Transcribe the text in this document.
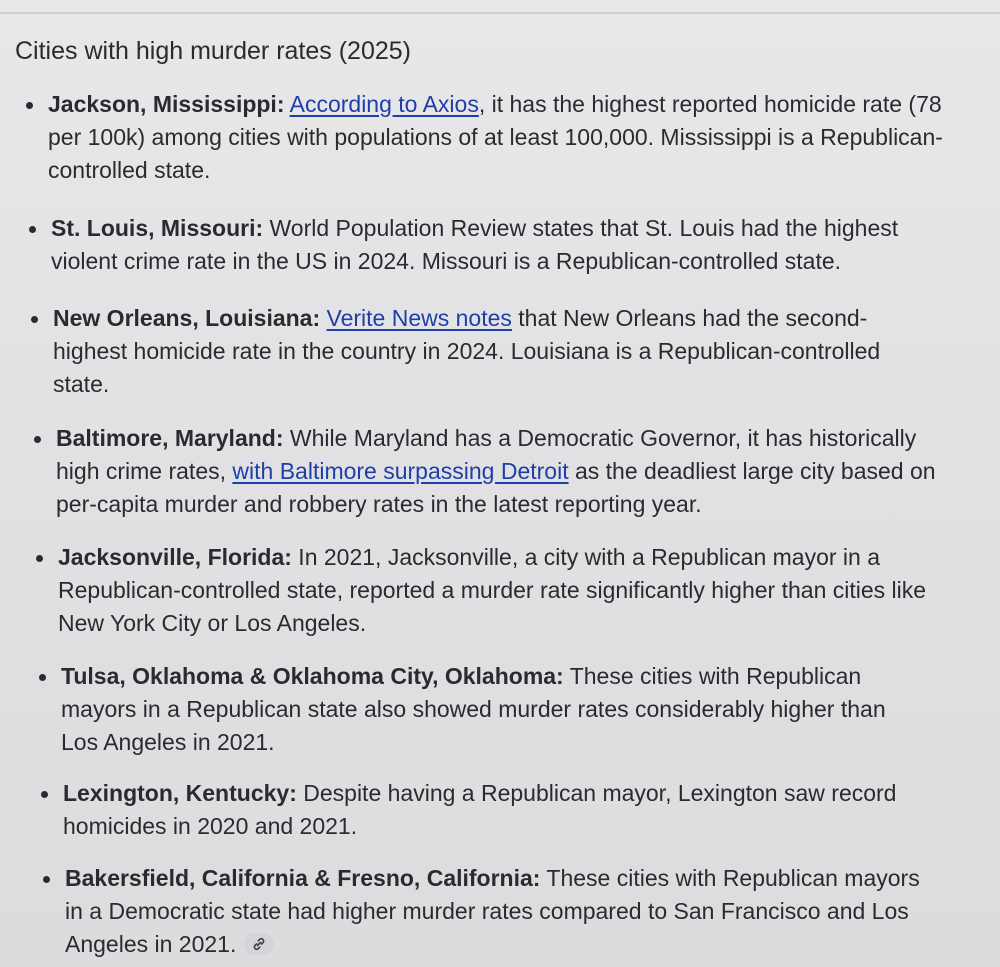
Cities with high murder rates (2025)
Jackson, Mississippi: According to Axios, it has the highest reported homicide rate (78 per 100k) among cities with populations of at least 100,000. Mississippi is a Republican-controlled state.
St. Louis, Missouri: World Population Review states that St. Louis had the highest violent crime rate in the US in 2024. Missouri is a Republican-controlled state.
New Orleans, Louisiana: Verite News notes that New Orleans had the second-highest homicide rate in the country in 2024. Louisiana is a Republican-controlled state.
Baltimore, Maryland: While Maryland has a Democratic Governor, it has historically high crime rates, with Baltimore surpassing Detroit as the deadliest large city based on per-capita murder and robbery rates in the latest reporting year.
Jacksonville, Florida: In 2021, Jacksonville, a city with a Republican mayor in a Republican-controlled state, reported a murder rate significantly higher than cities like New York City or Los Angeles.
Tulsa, Oklahoma & Oklahoma City, Oklahoma: These cities with Republican mayors in a Republican state also showed murder rates considerably higher than Los Angeles in 2021.
Lexington, Kentucky: Despite having a Republican mayor, Lexington saw record homicides in 2020 and 2021.
Bakersfield, California & Fresno, California: These cities with Republican mayors in a Democratic state had higher murder rates compared to San Francisco and Los Angeles in 2021.
